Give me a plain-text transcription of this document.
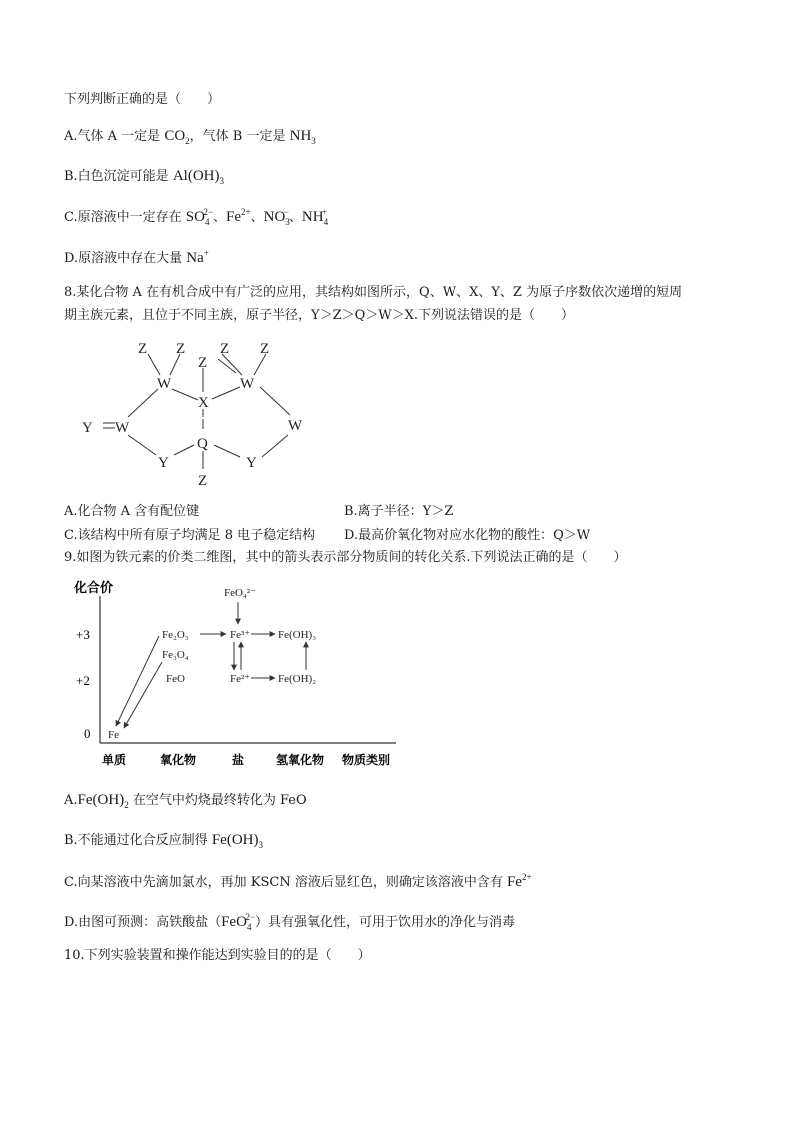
下列判断正确的是（　　）
A.气体 A 一定是 $CO_2$，气体 B 一定是 $NH_3$
B.白色沉淀可能是 $Al(OH)_3$
C.原溶液中一定存在 $SO_4^{2-}$、$Fe^{2+}$、$NO_3^-$、$NH_4^+$
D.原溶液中存在大量 Na+
8.某化合物 A 在有机合成中有广泛的应用，其结构如图所示，Q、W、X、Y、Z 为原子序数依次递增的短周
期主族元素，且位于不同主族，原子半径，Y＞Z＞Q＞W＞X.下列说法错误的是（　　）
Z Z
Z
Z Z
W
X
W
Y W	W
Q
Y	Y
Z
A.化合物 A 含有配位键	B.离子半径：Y＞Z
C.该结构中所有原子均满足 8 电子稳定结构 D.最高价氧化物对应水化物的酸性：Q＞W
9.如图为铁元素的价类二维图，其中的箭头表示部分物质间的转化关系.下列说法正确的是（　　）
化合价
+3
+2
0
单质	氧化物	盐	氢氧化物 物质类别
Fe
Fe₂O₃
Fe₃O₄
FeO
Fe³⁺
Fe²⁺
Fe(OH)₃
Fe(OH)₂
FeO₄²⁻
$A.Fe(OH)_2$ 在空气中灼烧最终转化为 FeO
B.不能通过化合反应制得 $Fe(OH)_3$
C.向某溶液中先滴加氯水，再加 KSCN 溶液后显红色，则确定该溶液中含有 $Fe^{2+}$
D.由图可预测：高铁酸盐（FeO$_4^{2-}$）具有强氧化性，可用于饮用水的净化与消毒
10.下列实验装置和操作能达到实验目的的是（　　）
